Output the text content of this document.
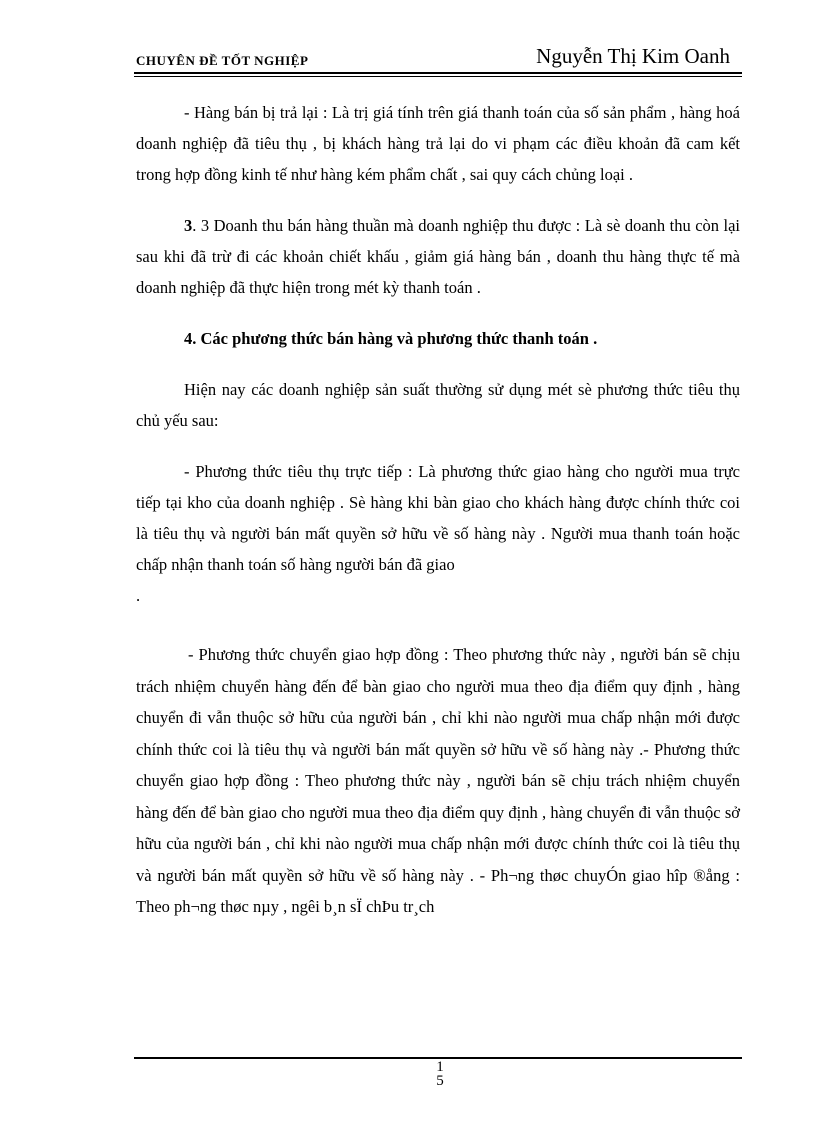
CHUYÊN ĐỀ TỐT NGHIỆP	Nguyễn Thị Kim Oanh

- Hàng bán bị trả lại : Là trị giá tính trên giá thanh toán của số sản phẩm , hàng hoá doanh nghiệp đã tiêu thụ , bị khách hàng trả lại do vi phạm các điều khoản đã cam kết trong hợp đồng kinh tế như hàng kém phẩm chất , sai quy cách chủng loại .

3. 3 Doanh thu bán hàng thuần mà doanh nghiệp thu được : Là sè doanh thu còn lại sau khi đã trừ đi các khoản chiết khấu , giảm giá hàng bán , doanh thu hàng thực tế mà doanh nghiệp đã thực hiện trong mét kỳ thanh toán .

4. Các phương thức bán hàng và phương thức thanh toán .

Hiện nay các doanh nghiệp sản suất thường sử dụng mét sè phương thức tiêu thụ chủ yếu sau:

- Phương thức tiêu thụ trực tiếp : Là phương thức giao hàng cho người mua trực tiếp tại kho của doanh nghiệp . Sè hàng khi bàn giao cho khách hàng được chính thức coi là tiêu thụ và người bán mất quyền sở hữu về số hàng này . Người mua thanh toán hoặc chấp nhận thanh toán số hàng người bán đã giao

.

- Phương thức chuyển giao hợp đồng : Theo phương thức này , người bán sẽ chịu trách nhiệm chuyển hàng đến để bàn giao cho người mua theo địa điểm quy định , hàng chuyển đi vẫn thuộc sở hữu của người bán , chỉ khi nào người mua chấp nhận mới được chính thức coi là tiêu thụ và người bán mất quyền sở hữu về số hàng này .- Phương thức chuyển giao hợp đồng : Theo phương thức này , người bán sẽ chịu trách nhiệm chuyển hàng đến để bàn giao cho người mua theo địa điểm quy định , hàng chuyển đi vẫn thuộc sở hữu của người bán , chỉ khi nào người mua chấp nhận mới được chính thức coi là tiêu thụ và người bán mất quyền sở hữu về số hàng này . - Ph¬ng thøc chuyÓn giao hîp ®ång : Theo ph¬ng thøc nµy , ngêi b¸n sÏ chÞu tr¸ch

1
5
